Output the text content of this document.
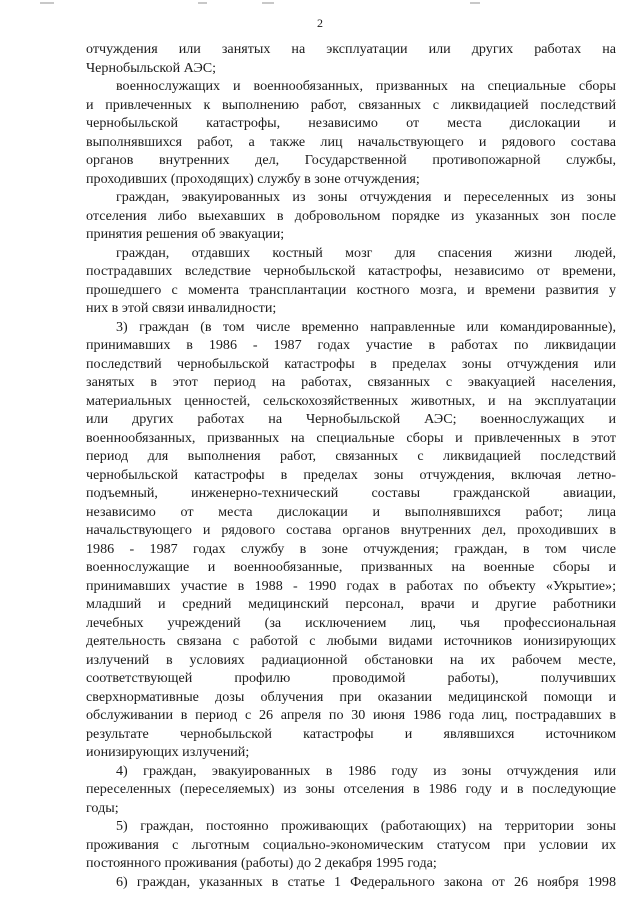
2
отчуждения или занятых на эксплуатации или других работах на
Чернобыльской АЭС;
военнослужащих и военнообязанных, призванных на специальные сборы
и привлеченных к выполнению работ, связанных с ликвидацией последствий
чернобыльской катастрофы, независимо от места дислокации и
выполнявшихся работ, а также лиц начальствующего и рядового состава
органов внутренних дел, Государственной противопожарной службы,
проходивших (проходящих) службу в зоне отчуждения;
граждан, эвакуированных из зоны отчуждения и переселенных из зоны
отселения либо выехавших в добровольном порядке из указанных зон после
принятия решения об эвакуации;
граждан, отдавших костный мозг для спасения жизни людей,
пострадавших вследствие чернобыльской катастрофы, независимо от времени,
прошедшего с момента трансплантации костного мозга, и времени развития у
них в этой связи инвалидности;
3) граждан (в том числе временно направленные или командированные),
принимавших в 1986 - 1987 годах участие в работах по ликвидации
последствий чернобыльской катастрофы в пределах зоны отчуждения или
занятых в этот период на работах, связанных с эвакуацией населения,
материальных ценностей, сельскохозяйственных животных, и на эксплуатации
или других работах на Чернобыльской АЭС; военнослужащих и
военнообязанных, призванных на специальные сборы и привлеченных в этот
период для выполнения работ, связанных с ликвидацией последствий
чернобыльской катастрофы в пределах зоны отчуждения, включая летно-
подъемный, инженерно-технический составы гражданской авиации,
независимо от места дислокации и выполнявшихся работ; лица
начальствующего и рядового состава органов внутренних дел, проходивших в
1986 - 1987 годах службу в зоне отчуждения; граждан, в том числе
военнослужащие и военнообязанные, призванных на военные сборы и
принимавших участие в 1988 - 1990 годах в работах по объекту «Укрытие»;
младший и средний медицинский персонал, врачи и другие работники
лечебных учреждений (за исключением лиц, чья профессиональная
деятельность связана с работой с любыми видами источников ионизирующих
излучений в условиях радиационной обстановки на их рабочем месте,
соответствующей профилю проводимой работы), получивших
сверхнормативные дозы облучения при оказании медицинской помощи и
обслуживании в период с 26 апреля по 30 июня 1986 года лиц, пострадавших в
результате чернобыльской катастрофы и являвшихся источником
ионизирующих излучений;
4) граждан, эвакуированных в 1986 году из зоны отчуждения или
переселенных (переселяемых) из зоны отселения в 1986 году и в последующие
годы;
5) граждан, постоянно проживающих (работающих) на территории зоны
проживания с льготным социально-экономическим статусом при условии их
постоянного проживания (работы) до 2 декабря 1995 года;
6) граждан, указанных в статье 1 Федерального закона от 26 ноября 1998
